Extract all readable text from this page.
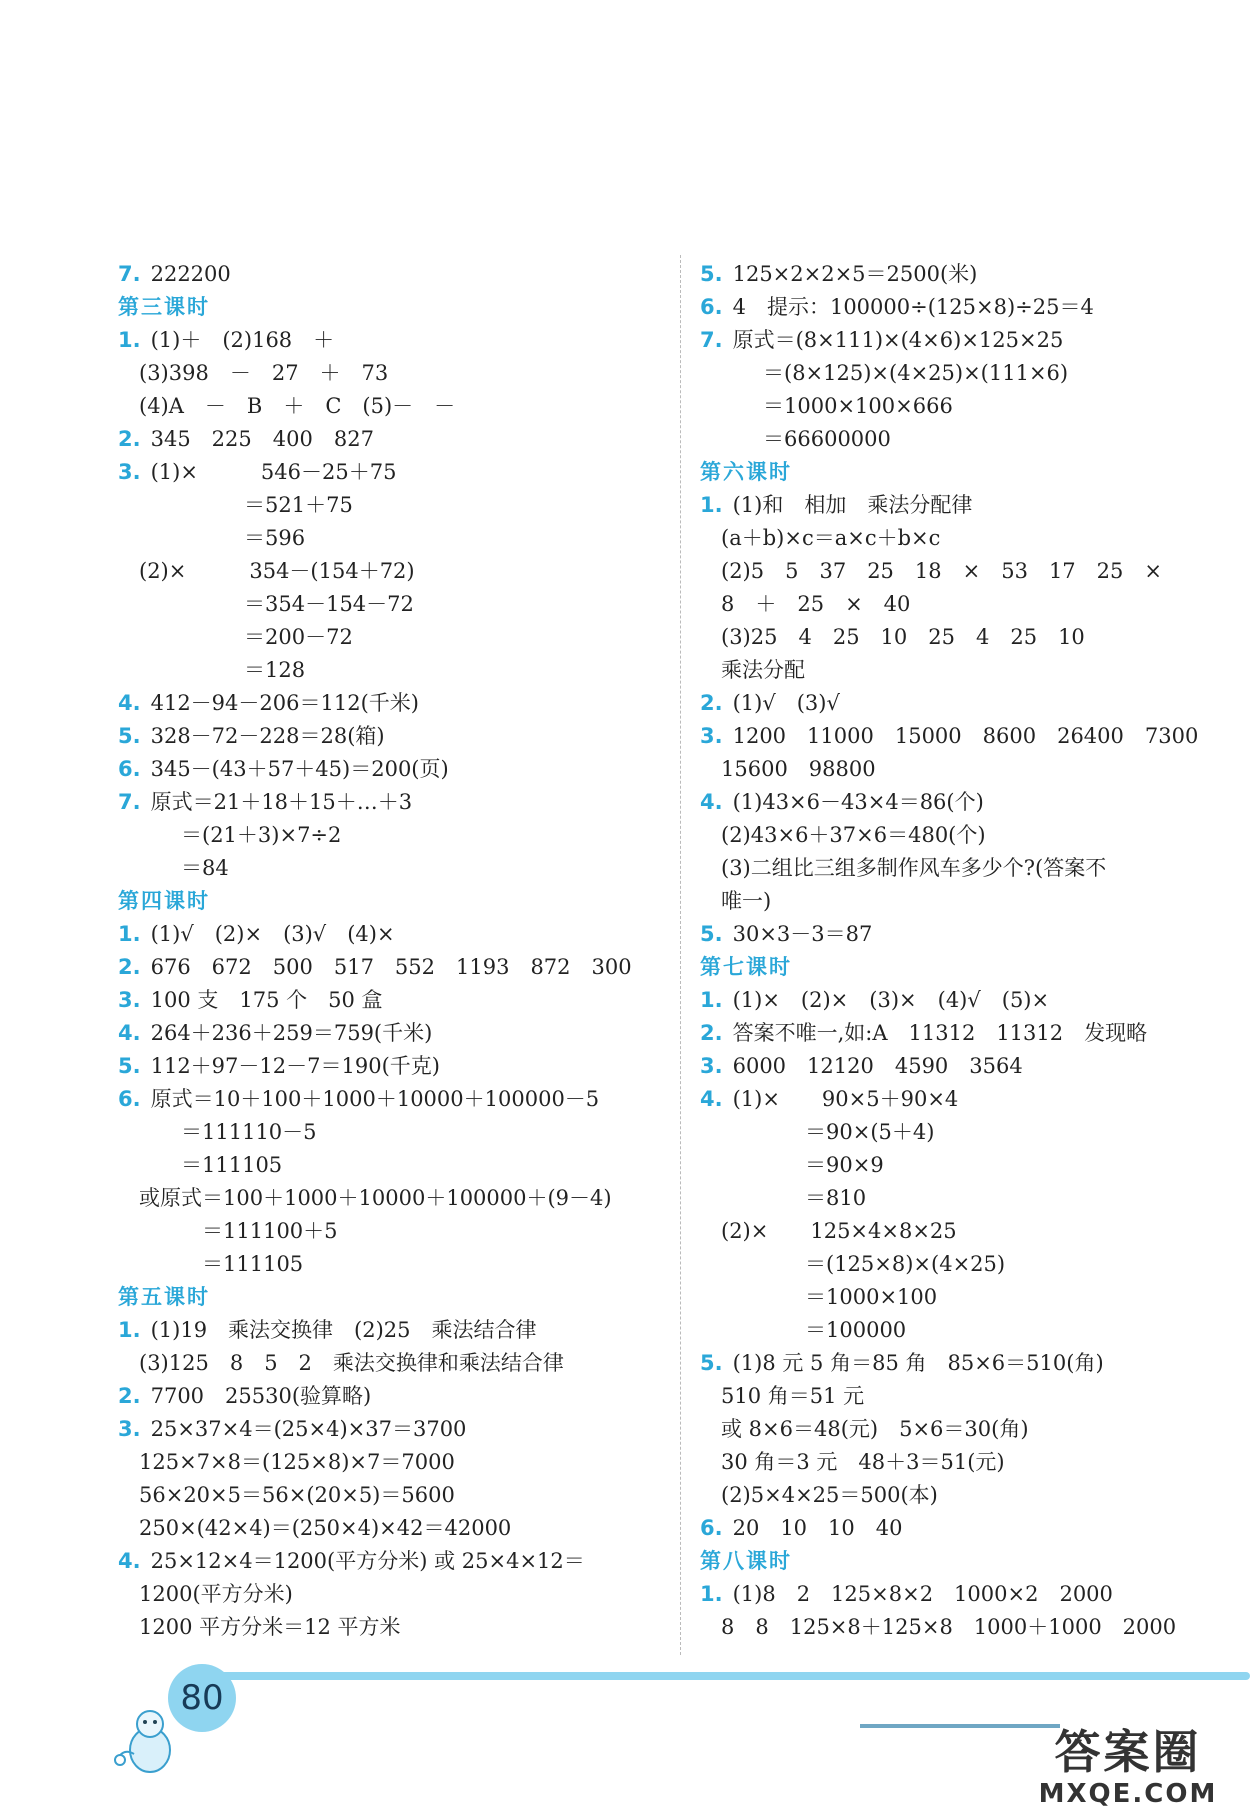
7. 222200
第三课时
1. (1)＋　(2)168　＋
　(3)398　－　27　＋　73
　(4)A　－　B　＋　C　(5)－　－
2. 345　225　400　827
3. (1)×　　　546－25＋75
　　　　　　＝521＋75
　　　　　　＝596
　(2)×　　　354－(154＋72)
　　　　　　＝354－154－72
　　　　　　＝200－72
　　　　　　＝128
4. 412－94－206＝112(千米)
5. 328－72－228＝28(箱)
6. 345－(43＋57＋45)＝200(页)
7. 原式＝21＋18＋15＋…＋3
　　　＝(21＋3)×7÷2
　　　＝84
第四课时
1. (1)√　(2)×　(3)√　(4)×
2. 676　672　500　517　552　1193　872　300
3. 100 支　175 个　50 盒
4. 264＋236＋259＝759(千米)
5. 112＋97－12－7＝190(千克)
6. 原式＝10＋100＋1000＋10000＋100000－5
　　　＝111110－5
　　　＝111105
　或原式＝100＋1000＋10000＋100000＋(9－4)
　　　　＝111100＋5
　　　　＝111105
第五课时
1. (1)19　乘法交换律　(2)25　乘法结合律
　(3)125　8　5　2　乘法交换律和乘法结合律
2. 7700　25530(验算略)
3. 25×37×4＝(25×4)×37＝3700
　125×7×8＝(125×8)×7＝7000
　56×20×5＝56×(20×5)＝5600
　250×(42×4)＝(250×4)×42＝42000
4. 25×12×4＝1200(平方分米) 或 25×4×12＝
　1200(平方分米)
　1200 平方分米＝12 平方米
5. 125×2×2×5＝2500(米)
6. 4　提示：100000÷(125×8)÷25＝4
7. 原式＝(8×111)×(4×6)×125×25
　　　＝(8×125)×(4×25)×(111×6)
　　　＝1000×100×666
　　　＝66600000
第六课时
1. (1)和　相加　乘法分配律
　(a＋b)×c＝a×c＋b×c
　(2)5　5　37　25　18　×　53　17　25　×
　8　＋　25　×　40
　(3)25　4　25　10　25　4　25　10
　乘法分配
2. (1)√　(3)√
3. 1200　11000　15000　8600　26400　7300
　15600　98800
4. (1)43×6－43×4＝86(个)
　(2)43×6＋37×6＝480(个)
　(3)二组比三组多制作风车多少个?(答案不
　唯一)
5. 30×3－3＝87
第七课时
1. (1)×　(2)×　(3)×　(4)√　(5)×
2. 答案不唯一,如:A　11312　11312　发现略
3. 6000　12120　4590　3564
4. (1)×　　90×5＋90×4
　　　　　＝90×(5＋4)
　　　　　＝90×9
　　　　　＝810
　(2)×　　125×4×8×25
　　　　　＝(125×8)×(4×25)
　　　　　＝1000×100
　　　　　＝100000
5. (1)8 元 5 角＝85 角　85×6＝510(角)
　510 角＝51 元
　或 8×6＝48(元)　5×6＝30(角)
　30 角＝3 元　48＋3＝51(元)
　(2)5×4×25＝500(本)
6. 20　10　10　40
第八课时
1. (1)8　2　125×8×2　1000×2　2000
　8　8　125×8＋125×8　1000＋1000　2000
80
答案圈
MXQE.COM
